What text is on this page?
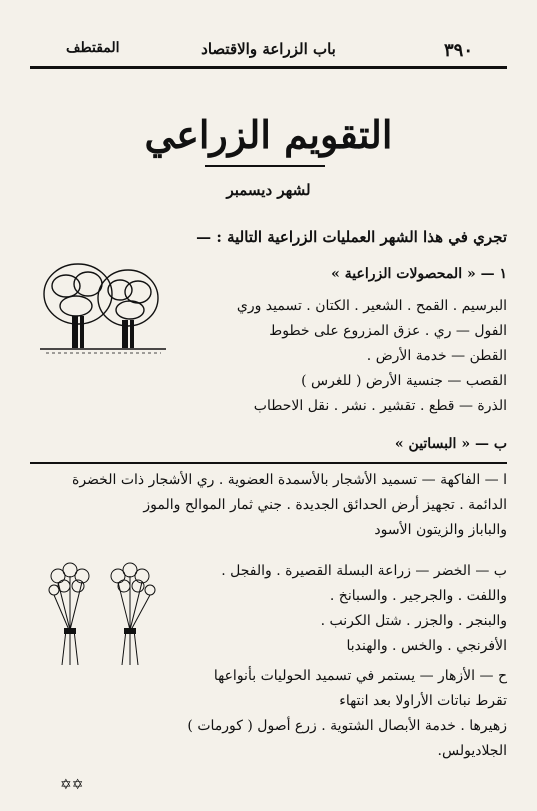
٣٩٠
باب الزراعة والاقتصاد
المقتطف
التقويم الزراعي
لشهر ديسمبر
تجري في هذا الشهر العمليات الزراعية التالية : —
١ — « المحصولات الزراعية »
البرسيم . القمح . الشعير . الكتان . تسميد وري
الفول — ري . عزق المزروع على خطوط
القطن — خدمة الأرض .
القصب — جنسية الأرض ( للغرس )
الذرة — قطع . تقشير . نشر . نقل الاحطاب
ب — « البساتين »
ا — الفاكهة — تسميد الأشجار بالأسمدة العضوية . ري الأشجار ذات الخضرة
الدائمة . تجهيز أرض الحدائق الجديدة . جني ثمار الموالح والموز
والباباز والزيتون الأسود
ب — الخضر — زراعة البسلة القصيرة . والفجل .
واللفت . والجرجير . والسبانخ .
والبنجر . والجزر . شتل الكرنب .
الأفرنجي . والخس . والهندبا
ح — الأزهار — يستمر في تسميد الحوليات بأنواعها
تقرط نباتات الأراولا بعد انتهاء
زهيرها . خدمة الأبصال الشتوية . زرع أصول ( كورمات )
الجلاديولس.
✡✡
